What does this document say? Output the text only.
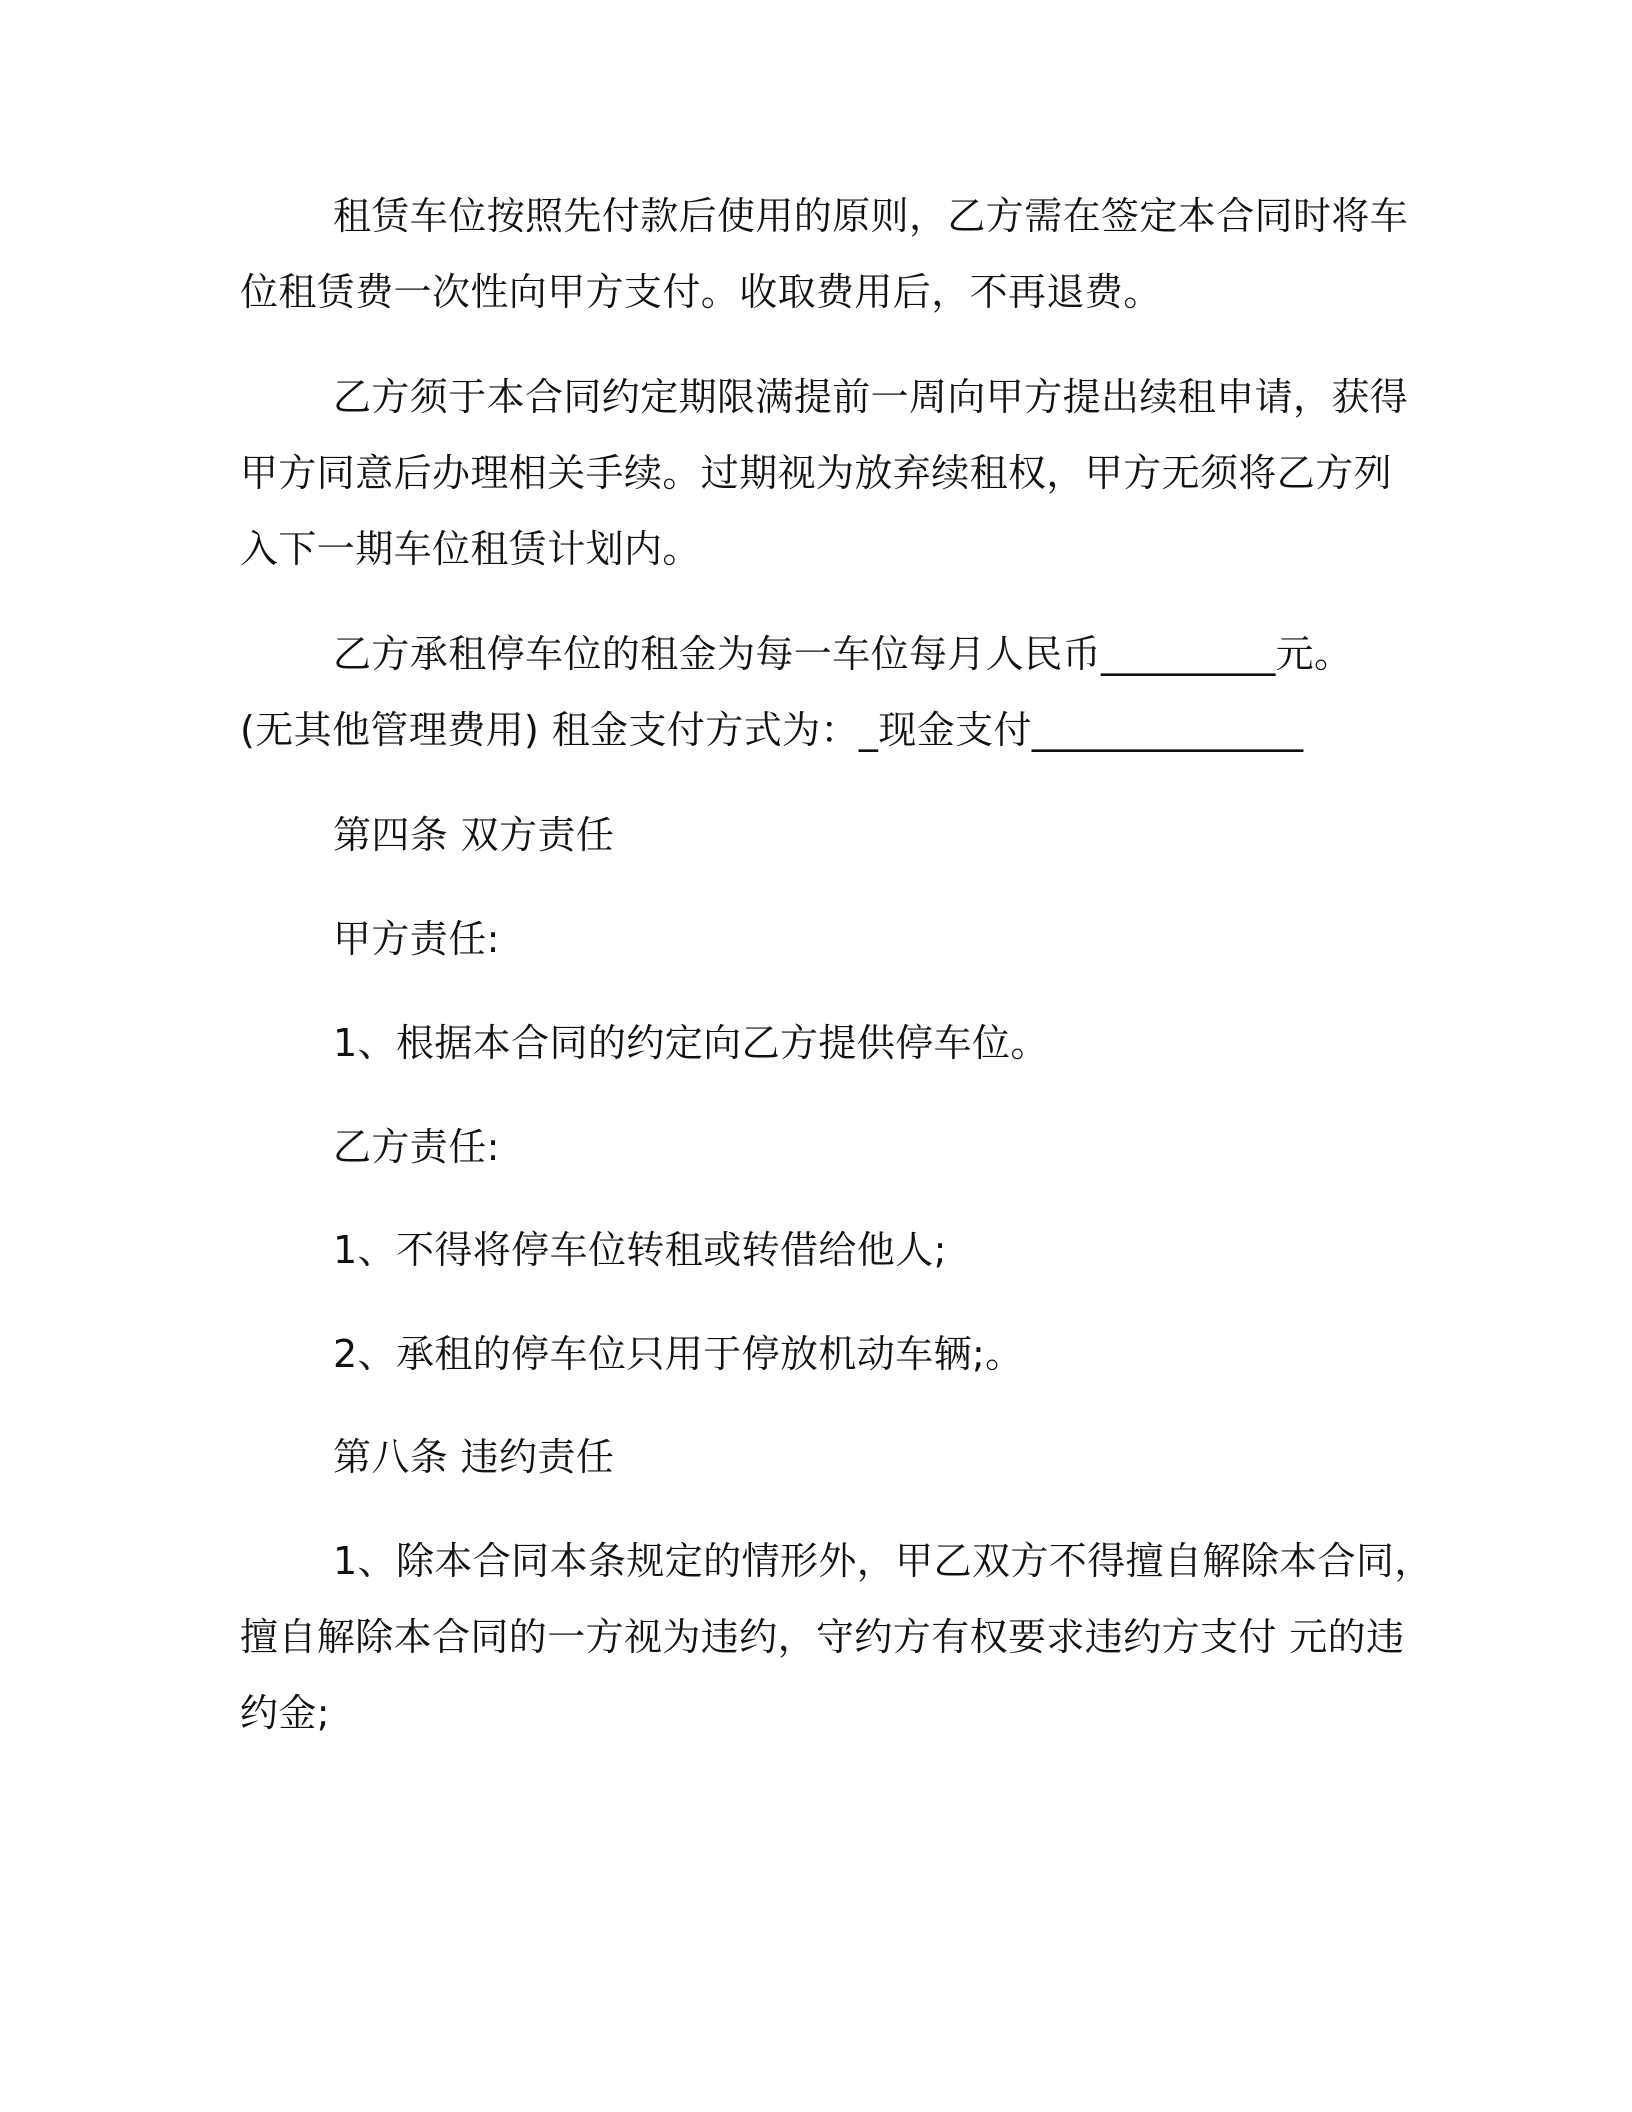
租赁车位按照先付款后使用的原则，乙方需在签定本合同时将车
位租赁费一次性向甲方支付。收取费用后，不再退费。
乙方须于本合同约定期限满提前一周向甲方提出续租申请，获得
甲方同意后办理相关手续。过期视为放弃续租权，甲方无须将乙方列
入下一期车位租赁计划内。
乙方承租停车位的租金为每一车位每月人民币_________元。
(无其他管理费用) 租金支付方式为：_现金支付______________
第四条 双方责任
甲方责任:
1、根据本合同的约定向乙方提供停车位。
乙方责任:
1、不得将停车位转租或转借给他人;
2、承租的停车位只用于停放机动车辆;。
第八条 违约责任
1、除本合同本条规定的情形外，甲乙双方不得擅自解除本合同，
擅自解除本合同的一方视为违约，守约方有权要求违约方支付 元的违
约金;
